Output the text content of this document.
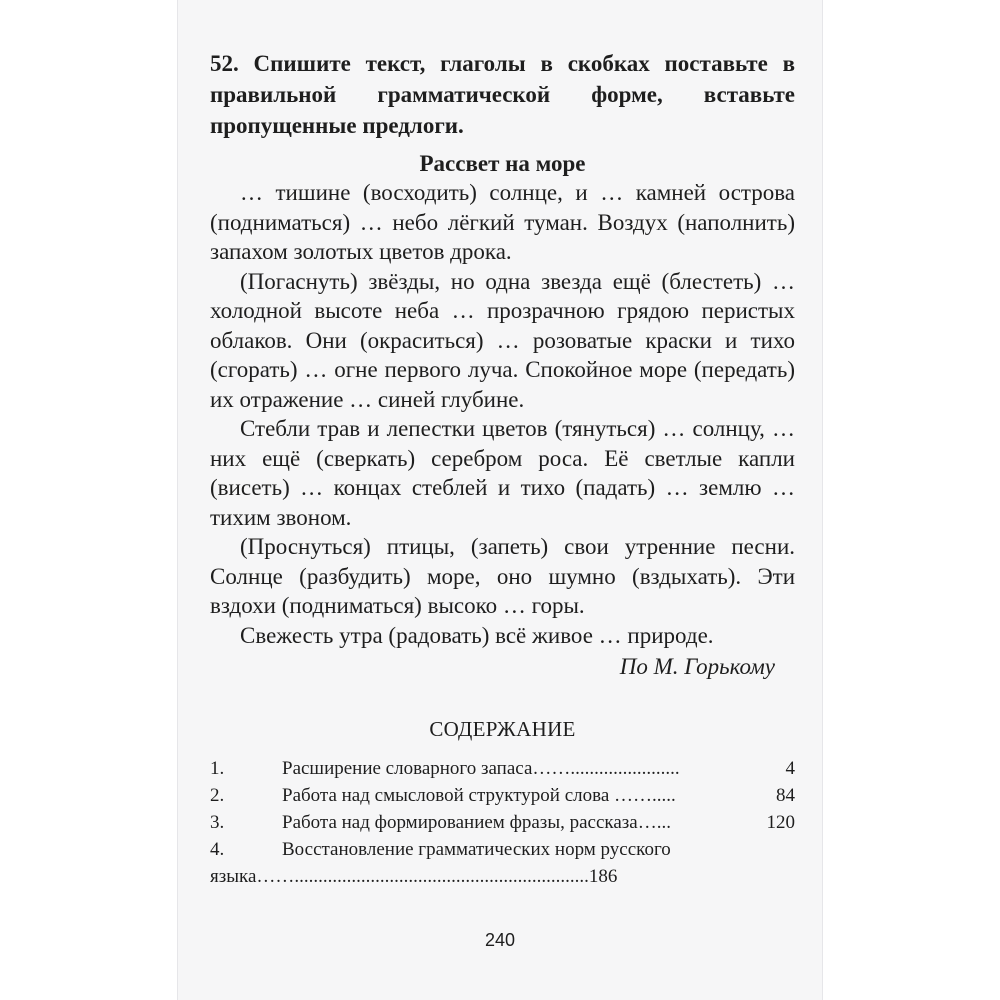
52. Спишите текст, глаголы в скобках поставьте в правильной грамматической форме, вставьте пропущенные предлоги.

Рассвет на море

… тишине (восходить) солнце, и … камней острова (подниматься) … небо лёгкий туман. Воздух (наполнить) запахом золотых цветов дрока.

(Погаснуть) звёзды, но одна звезда ещё (блестеть) … холодной высоте неба … прозрачною грядою перистых облаков. Они (окраситься) … розоватые краски и тихо (сгорать) … огне первого луча. Спокойное море (передать) их отражение … синей глубине.

Стебли трав и лепестки цветов (тянуться) … солнцу, … них ещё (сверкать) серебром роса. Её светлые капли (висеть) … концах стеблей и тихо (падать) … землю … тихим звоном.

(Проснуться) птицы, (запеть) свои утренние песни. Солнце (разбудить) море, оно шумно (вздыхать). Эти вздохи (подниматься) высоко … горы.

Свежесть утра (радовать) всё живое … природе.

По М. Горькому

СОДЕРЖАНИЕ

1.	Расширение словарного запаса…….......................	4
2.	Работа над смысловой структурой слова …….....	84
3.	Работа над формированием фразы, рассказа…...	120
4.	Восстановление грамматических норм русского
языка……..............................................................186
240
